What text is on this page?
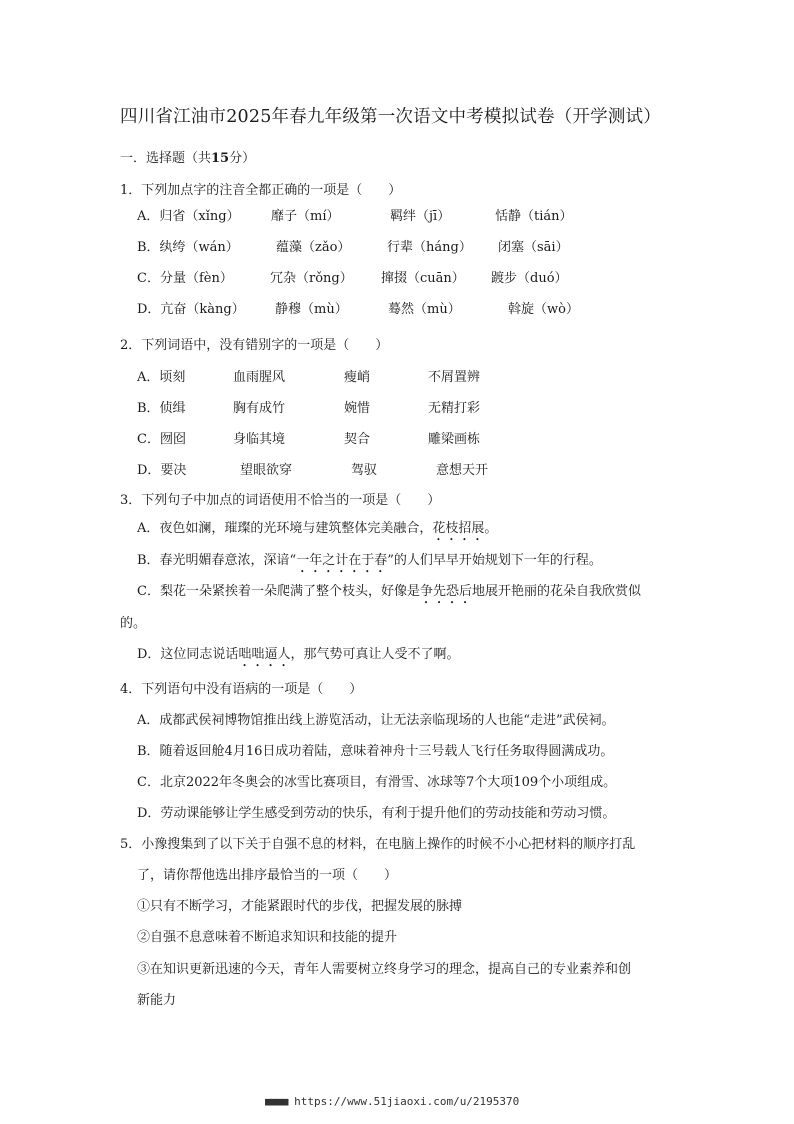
四川省江油市2025年春九年级第一次语文中考模拟试卷（开学测试）
一．选择题（共15分）
1．下列加点字的注音全都正确的一项是（　　）
A．归省（xǐng） 靡子（mí）	羁绊（jī）	恬静（tián）
B．纨绔（wán）	蕴藻（zǎo）	行辈（háng） 闭塞（sāi）
C．分量（fèn）	冗杂（rǒng） 撺掇（cuān） 踱步（duó）
D．亢奋（kàng） 静穆（mù）	蓦然（mù）	斡旋（wò）
2．下列词语中，没有错别字的一项是（　　）
A．顷刻	血雨腥风	瘦峭	不屑置辨
B．侦缉	胸有成竹	婉惜	无精打彩
C．囫囵	身临其境	契合	雕梁画栋
D．要决	望眼欲穿	驾驭	意想天开
3．下列句子中加点的词语使用不恰当的一项是（　　）
A．夜色如澜，璀璨的光环境与建筑整体完美融合，花枝招展。
B．春光明媚春意浓，深谙“一年之计在于春”的人们早早开始规划下一年的行程。
C．梨花一朵紧挨着一朵爬满了整个枝头，好像是争先恐后地展开艳丽的花朵自我欣赏似
的。
D．这位同志说话咄咄逼人，那气势可真让人受不了啊。
4．下列语句中没有语病的一项是（　　）
A．成都武侯祠博物馆推出线上游览活动，让无法亲临现场的人也能“走进”武侯祠。
B．随着返回舱4月16日成功着陆，意味着神舟十三号载人飞行任务取得圆满成功。
C．北京2022年冬奥会的冰雪比赛项目，有滑雪、冰球等7个大项109个小项组成。
D．劳动课能够让学生感受到劳动的快乐，有利于提升他们的劳动技能和劳动习惯。
5．小豫搜集到了以下关于自强不息的材料，在电脑上操作的时候不小心把材料的顺序打乱
了，请你帮他选出排序最恰当的一项（　　）
①只有不断学习，才能紧跟时代的步伐，把握发展的脉搏
②自强不息意味着不断追求知识和技能的提升
③在知识更新迅速的今天，青年人需要树立终身学习的理念，提高自己的专业素养和创
新能力
■■■■ https://www.51jiaoxi.com/u/2195370
